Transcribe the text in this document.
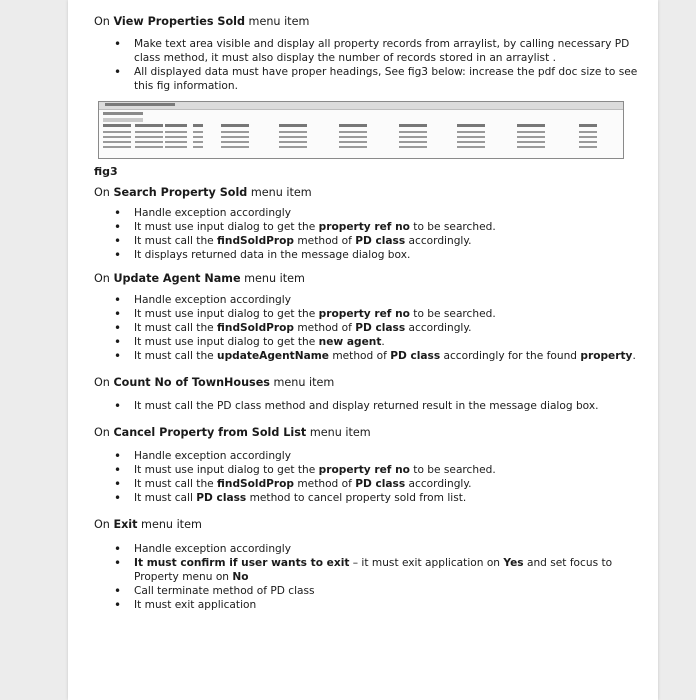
On View Properties Sold menu item

• Make text area visible and display all property records from arraylist, by calling necessary PD class method, it must also display the number of records stored in an arraylist .
• All displayed data must have proper headings, See fig3 below: increase the pdf doc size to see this fig information.

fig3

On Search Property Sold menu item

• Handle exception accordingly
• It must use input dialog to get the property ref no to be searched.
• It must call the findSoldProp method of PD class accordingly.
• It displays returned data in the message dialog box.

On Update Agent Name menu item

• Handle exception accordingly
• It must use input dialog to get the property ref no to be searched.
• It must call the findSoldProp method of PD class accordingly.
• It must use input dialog to get the new agent.
• It must call the updateAgentName method of PD class accordingly for the found property.

On Count No of TownHouses menu item

• It must call the PD class method and display returned result in the message dialog box.

On Cancel Property from Sold List menu item

• Handle exception accordingly
• It must use input dialog to get the property ref no to be searched.
• It must call the findSoldProp method of PD class accordingly.
• It must call PD class method to cancel property sold from list.

On Exit menu item

• Handle exception accordingly
• It must confirm if user wants to exit – it must exit application on Yes and set focus to Property menu on No
• Call terminate method of PD class
• It must exit application
